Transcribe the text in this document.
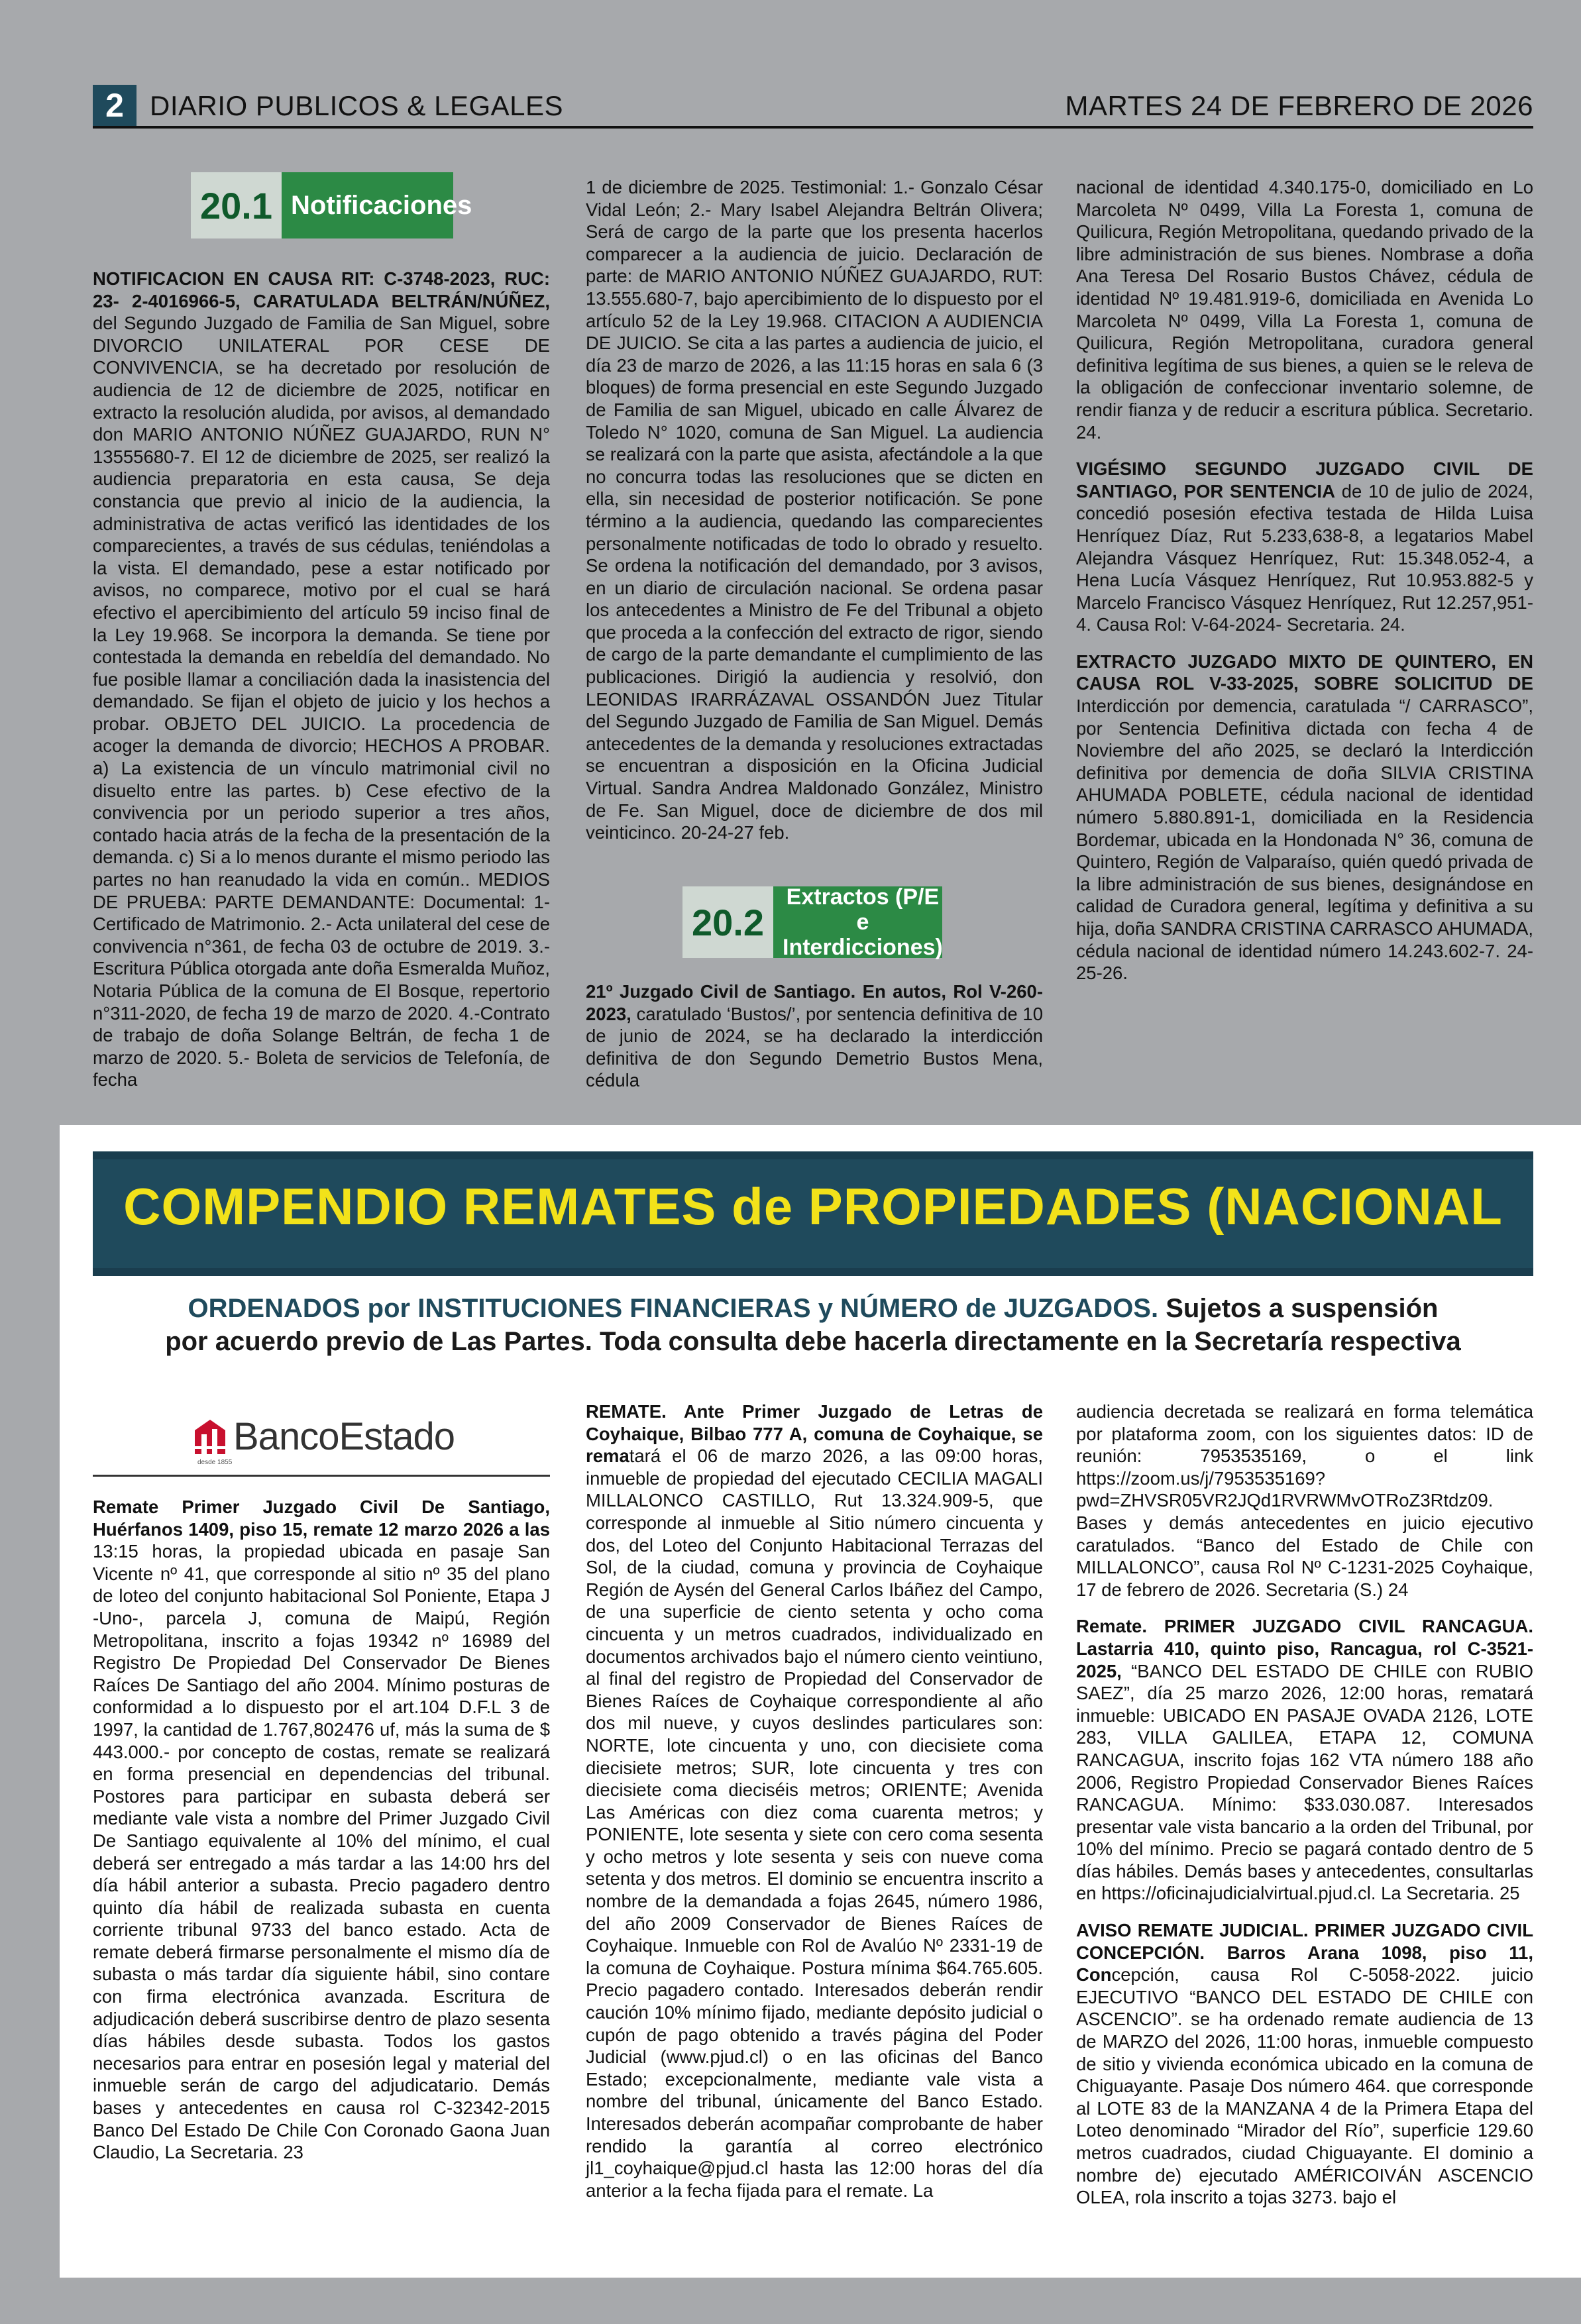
2 DIARIO PUBLICOS & LEGALES	MARTES 24 DE FEBRERO DE 2026
20.1 Notificaciones

NOTIFICACION EN CAUSA RIT: C-3748-2023, RUC: 23- 2-4016966-5, CARATULADA BELTRÁN/NÚÑEZ, del Segundo Juzgado de Familia de San Miguel, sobre DIVORCIO UNILATERAL POR CESE DE CONVIVENCIA, se ha decretado por resolución de audiencia de 12 de diciembre de 2025, notificar en extracto la resolución aludida, por avisos, al demandado don MARIO ANTONIO NÚÑEZ GUAJARDO, RUN N° 13555680-7. El 12 de diciembre de 2025, ser realizó la audiencia preparatoria en esta causa, Se deja constancia que previo al inicio de la audiencia, la administrativa de actas verificó las identidades de los comparecientes, a través de sus cédulas, teniéndolas a la vista. El demandado, pese a estar notificado por avisos, no comparece, motivo por el cual se hará efectivo el apercibimiento del artículo 59 inciso final de la Ley 19.968. Se incorpora la demanda. Se tiene por contestada la demanda en rebeldía del demandado. No fue posible llamar a conciliación dada la inasistencia del demandado. Se fijan el objeto de juicio y los hechos a probar. OBJETO DEL JUICIO. La procedencia de acoger la demanda de divorcio; HECHOS A PROBAR. a) La existencia de un vínculo matrimonial civil no disuelto entre las partes. b) Cese efectivo de la convivencia por un periodo superior a tres años, contado hacia atrás de la fecha de la presentación de la demanda. c) Si a lo menos durante el mismo periodo las partes no han reanudado la vida en común.. MEDIOS DE PRUEBA: PARTE DEMANDANTE: Documental: 1- Certificado de Matrimonio. 2.- Acta unilateral del cese de convivencia n°361, de fecha 03 de octubre de 2019. 3.-Escritura Pública otorgada ante doña Esmeralda Muñoz, Notaria Pública de la comuna de El Bosque, repertorio n°311-2020, de fecha 19 de marzo de 2020. 4.-Contrato de trabajo de doña Solange Beltrán, de fecha 1 de marzo de 2020. 5.- Boleta de servicios de Telefonía, de fecha

1 de diciembre de 2025. Testimonial: 1.- Gonzalo César Vidal León; 2.- Mary Isabel Alejandra Beltrán Olivera; Será de cargo de la parte que los presenta hacerlos comparecer a la audiencia de juicio. Declaración de parte: de MARIO ANTONIO NÚÑEZ GUAJARDO, RUT: 13.555.680-7, bajo apercibimiento de lo dispuesto por el artículo 52 de la Ley 19.968. CITACION A AUDIENCIA DE JUICIO. Se cita a las partes a audiencia de juicio, el día 23 de marzo de 2026, a las 11:15 horas en sala 6 (3 bloques) de forma presencial en este Segundo Juzgado de Familia de san Miguel, ubicado en calle Álvarez de Toledo N° 1020, comuna de San Miguel. La audiencia se realizará con la parte que asista, afectándole a la que no concurra todas las resoluciones que se dicten en ella, sin necesidad de posterior notificación. Se pone término a la audiencia, quedando las comparecientes personalmente notificadas de todo lo obrado y resuelto. Se ordena la notificación del demandado, por 3 avisos, en un diario de circulación nacional. Se ordena pasar los antecedentes a Ministro de Fe del Tribunal a objeto que proceda a la confección del extracto de rigor, siendo de cargo de la parte demandante el cumplimiento de las publicaciones. Dirigió la audiencia y resolvió, don LEONIDAS IRARRÁZAVAL OSSANDÓN Juez Titular del Segundo Juzgado de Familia de San Miguel. Demás antecedentes de la demanda y resoluciones extractadas se encuentran a disposición en la Oficina Judicial Virtual. Sandra Andrea Maldonado González, Ministro de Fe. San Miguel, doce de diciembre de dos mil veinticinco. 20-24-27 feb.

20.2
Extractos (P/E
e Interdicciones)

21º Juzgado Civil de Santiago. En autos, Rol V-260-2023, caratulado ‘Bustos/’, por sentencia definitiva de 10 de junio de 2024, se ha declarado la interdicción definitiva de don Segundo Demetrio Bustos Mena, cédula

nacional de identidad 4.340.175-0, domiciliado en Lo Marcoleta Nº 0499, Villa La Foresta 1, comuna de Quilicura, Región Metropolitana, quedando privado de la libre administración de sus bienes. Nombrase a doña Ana Teresa Del Rosario Bustos Chávez, cédula de identidad Nº 19.481.919-6, domiciliada en Avenida Lo Marcoleta Nº 0499, Villa La Foresta 1, comuna de Quilicura, Región Metropolitana, curadora general definitiva legítima de sus bienes, a quien se le releva de la obligación de confeccionar inventario solemne, de rendir fianza y de reducir a escritura pública. Secretario. 24.

VIGÉSIMO SEGUNDO JUZGADO CIVIL DE SANTIAGO, POR SENTENCIA de 10 de julio de 2024, concedió posesión efectiva testada de Hilda Luisa Henríquez Díaz, Rut 5.233,638-8, a legatarios Mabel Alejandra Vásquez Henríquez, Rut: 15.348.052-4, a Hena Lucía Vásquez Henríquez, Rut 10.953.882-5 y Marcelo Francisco Vásquez Henríquez, Rut 12.257,951-4. Causa Rol: V-64-2024- Secretaria. 24.

EXTRACTO JUZGADO MIXTO DE QUINTERO, EN CAUSA ROL V-33-2025, SOBRE SOLICITUD DE Interdicción por demencia, caratulada “/ CARRASCO”, por Sentencia Definitiva dictada con fecha 4 de Noviembre del año 2025, se declaró la Interdicción definitiva por demencia de doña SILVIA CRISTINA AHUMADA POBLETE, cédula nacional de identidad número 5.880.891-1, domiciliada en la Residencia Bordemar, ubicada en la Hondonada N° 36, comuna de Quintero, Región de Valparaíso, quién quedó privada de la libre administración de sus bienes, designándose en calidad de Curadora general, legítima y definitiva a su hija, doña SANDRA CRISTINA CARRASCO AHUMADA, cédula nacional de identidad número 14.243.602-7. 24-25-26.

COMPENDIO REMATES de PROPIEDADES (NACIONAL
ORDENADOS por INSTITUCIONES FINANCIERAS y NÚMERO de JUZGADOS. Sujetos a suspensión
por acuerdo previo de Las Partes. Toda consulta debe hacerla directamente en la Secretaría respectiva
BancoEstado
desde 1855

Remate Primer Juzgado Civil De Santiago, Huérfanos 1409, piso 15, remate 12 marzo 2026 a las 13:15 horas, la propiedad ubicada en pasaje San Vicente nº 41, que corresponde al sitio nº 35 del plano de loteo del conjunto habitacional Sol Poniente, Etapa J -Uno-, parcela J, comuna de Maipú, Región Metropolitana, inscrito a fojas 19342 nº 16989 del Registro De Propiedad Del Conservador De Bienes Raíces De Santiago del año 2004. Mínimo posturas de conformidad a lo dispuesto por el art.104 D.F.L 3 de 1997, la cantidad de 1.767,802476 uf, más la suma de $ 443.000.- por concepto de costas, remate se realizará en forma presencial en dependencias del tribunal. Postores para participar en subasta deberá ser mediante vale vista a nombre del Primer Juzgado Civil De Santiago equivalente al 10% del mínimo, el cual deberá ser entregado a más tardar a las 14:00 hrs del día hábil anterior a subasta. Precio pagadero dentro quinto día hábil de realizada subasta en cuenta corriente tribunal 9733 del banco estado. Acta de remate deberá firmarse personalmente el mismo día de subasta o más tardar día siguiente hábil, sino contare con firma electrónica avanzada. Escritura de adjudicación deberá suscribirse dentro de plazo sesenta días hábiles desde subasta. Todos los gastos necesarios para entrar en posesión legal y material del inmueble serán de cargo del adjudicatario. Demás bases y antecedentes en causa rol C-32342-2015 Banco Del Estado De Chile Con Coronado Gaona Juan Claudio, La Secretaria. 23

REMATE. Ante Primer Juzgado de Letras de Coyhaique, Bilbao 777 A, comuna de Coyhaique, se rematará el 06 de marzo 2026, a las 09:00 horas, inmueble de propiedad del ejecutado CECILIA MAGALI MILLALONCO CASTILLO, Rut 13.324.909-5, que corresponde al inmueble al Sitio número cincuenta y dos, del Loteo del Conjunto Habitacional Terrazas del Sol, de la ciudad, comuna y provincia de Coyhaique Región de Aysén del General Carlos Ibáñez del Campo, de una superficie de ciento setenta y ocho coma cincuenta y un metros cuadrados, individualizado en documentos archivados bajo el número ciento veintiuno, al final del registro de Propiedad del Conservador de Bienes Raíces de Coyhaique correspondiente al año dos mil nueve, y cuyos deslindes particulares son: NORTE, lote cincuenta y uno, con diecisiete coma diecisiete metros; SUR, lote cincuenta y tres con diecisiete coma dieciséis metros; ORIENTE; Avenida Las Américas con diez coma cuarenta metros; y PONIENTE, lote sesenta y siete con cero coma sesenta y ocho metros y lote sesenta y seis con nueve coma setenta y dos metros. El dominio se encuentra inscrito a nombre de la demandada a fojas 2645, número 1986, del año 2009 Conservador de Bienes Raíces de Coyhaique. Inmueble con Rol de Avalúo Nº 2331-19 de la comuna de Coyhaique. Postura mínima $64.765.605. Precio pagadero contado. Interesados deberán rendir caución 10% mínimo fijado, mediante depósito judicial o cupón de pago obtenido a través página del Poder Judicial (www.pjud.cl) o en las oficinas del Banco Estado; excepcionalmente, mediante vale vista a nombre del tribunal, únicamente del Banco Estado. Interesados deberán acompañar comprobante de haber rendido la garantía al correo electrónico jl1_coyhaique@pjud.cl hasta las 12:00 horas del día anterior a la fecha fijada para el remate. La

audiencia decretada se realizará en forma telemática por plataforma zoom, con los siguientes datos: ID de reunión: 7953535169, o el link https://zoom.us/j/7953535169?pwd=ZHVSR05VR2JQd1RVRWMvOTRoZ3Rtdz09. Bases y demás antecedentes en juicio ejecutivo caratulados. “Banco del Estado de Chile con MILLALONCO”, causa Rol Nº C-1231-2025 Coyhaique, 17 de febrero de 2026. Secretaria (S.) 24

Remate. PRIMER JUZGADO CIVIL RANCAGUA. Lastarria 410, quinto piso, Rancagua, rol C-3521-2025, “BANCO DEL ESTADO DE CHILE con RUBIO SAEZ”, día 25 marzo 2026, 12:00 horas, rematará inmueble: UBICADO EN PASAJE OVADA 2126, LOTE 283, VILLA GALILEA, ETAPA 12, COMUNA RANCAGUA, inscrito fojas 162 VTA número 188 año 2006, Registro Propiedad Conservador Bienes Raíces RANCAGUA. Mínimo: $33.030.087. Interesados presentar vale vista bancario a la orden del Tribunal, por 10% del mínimo. Precio se pagará contado dentro de 5 días hábiles. Demás bases y antecedentes, consultarlas en https://oficinajudicialvirtual.pjud.cl. La Secretaria. 25

AVISO REMATE JUDICIAL. PRIMER JUZGADO CIVIL CONCEPCIÓN. Barros Arana 1098, piso 11, Concepción, causa Rol C-5058-2022. juicio EJECUTIVO “BANCO DEL ESTADO DE CHILE con ASCENCIO”. se ha ordenado remate audiencia de 13 de MARZO del 2026, 11:00 horas, inmueble compuesto de sitio y vivienda económica ubicado en la comuna de Chiguayante. Pasaje Dos número 464. que corresponde al LOTE 83 de la MANZANA 4 de la Primera Etapa del Loteo denominado “Mirador del Río”, superficie 129.60 metros cuadrados, ciudad Chiguayante. El dominio a nombre de) ejecutado AMÉRICOIVÁN ASCENCIO OLEA, rola inscrito a tojas 3273. bajo el
